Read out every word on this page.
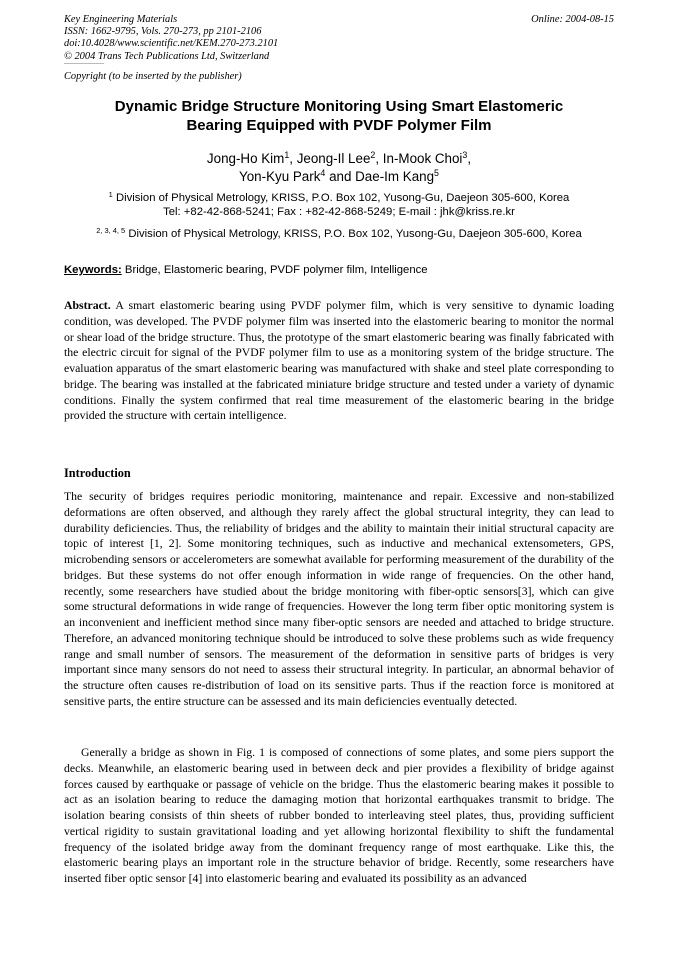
Key Engineering Materials
ISSN: 1662-9795, Vols. 270-273, pp 2101-2106
doi:10.4028/www.scientific.net/KEM.270-273.2101
© 2004 Trans Tech Publications Ltd, Switzerland
Online: 2004-08-15
Copyright (to be inserted by the publisher)
Dynamic Bridge Structure Monitoring Using Smart Elastomeric
Bearing Equipped with PVDF Polymer Film
Jong-Ho Kim$^1$, Jeong-Il Lee$^2$, In-Mook Choi$^3$,
Yon-Kyu Park$^4$ and Dae-Im Kang$^5$
$^1$ Division of Physical Metrology, KRISS, P.O. Box 102, Yusong-Gu, Daejeon 305-600, Korea
Tel: +82-42-868-5241; Fax : +82-42-868-5249; E-mail : jhk@kriss.re.kr
$^{2, 3, 4, 5}$ Division of Physical Metrology, KRISS, P.O. Box 102, Yusong-Gu, Daejeon 305-600, Korea
Keywords: Bridge, Elastomeric bearing, PVDF polymer film, Intelligence

Abstract. A smart elastomeric bearing using PVDF polymer film, which is very sensitive to dynamic loading condition, was developed. The PVDF polymer film was inserted into the elastomeric bearing to monitor the normal or shear load of the bridge structure. Thus, the prototype of the smart elastomeric bearing was finally fabricated with the electric circuit for signal of the PVDF polymer film to use as a monitoring system of the bridge structure. The evaluation apparatus of the smart elastomeric bearing was manufactured with shake and steel plate corresponding to bridge. The bearing was installed at the fabricated miniature bridge structure and tested under a variety of dynamic conditions. Finally the system confirmed that real time measurement of the elastomeric bearing in the bridge provided the structure with certain intelligence.

Introduction

The security of bridges requires periodic monitoring, maintenance and repair. Excessive and non-stabilized deformations are often observed, and although they rarely affect the global structural integrity, they can lead to durability deficiencies. Thus, the reliability of bridges and the ability to maintain their initial structural capacity are topic of interest [1, 2]. Some monitoring techniques, such as inductive and mechanical extensometers, GPS, microbending sensors or accelerometers are somewhat available for performing measurement of the durability of the bridges. But these systems do not offer enough information in wide range of frequencies. On the other hand, recently, some researchers have studied about the bridge monitoring with fiber-optic sensors[3], which can give some structural deformations in wide range of frequencies. However the long term fiber optic monitoring system is an inconvenient and inefficient method since many fiber-optic sensors are needed and attached to bridge structure. Therefore, an advanced monitoring technique should be introduced to solve these problems such as wide frequency range and small number of sensors. The measurement of the deformation in sensitive parts of bridges is very important since many sensors do not need to assess their structural integrity. In particular, an abnormal behavior of the structure often causes re-distribution of load on its sensitive parts. Thus if the reaction force is monitored at sensitive parts, the entire structure can be assessed and its main deficiencies eventually detected.

Generally a bridge as shown in Fig. 1 is composed of connections of some plates, and some piers support the decks. Meanwhile, an elastomeric bearing used in between deck and pier provides a flexibility of bridge against forces caused by earthquake or passage of vehicle on the bridge. Thus the elastomeric bearing makes it possible to act as an isolation bearing to reduce the damaging motion that horizontal earthquakes transmit to bridge. The isolation bearing consists of thin sheets of rubber bonded to interleaving steel plates, thus, providing sufficient vertical rigidity to sustain gravitational loading and yet allowing horizontal flexibility to shift the fundamental frequency of the isolated bridge away from the dominant frequency range of most earthquake. Like this, the elastomeric bearing plays an important role in the structure behavior of bridge. Recently, some researchers have inserted fiber optic sensor [4] into elastomeric bearing and evaluated its possibility as an advanced
